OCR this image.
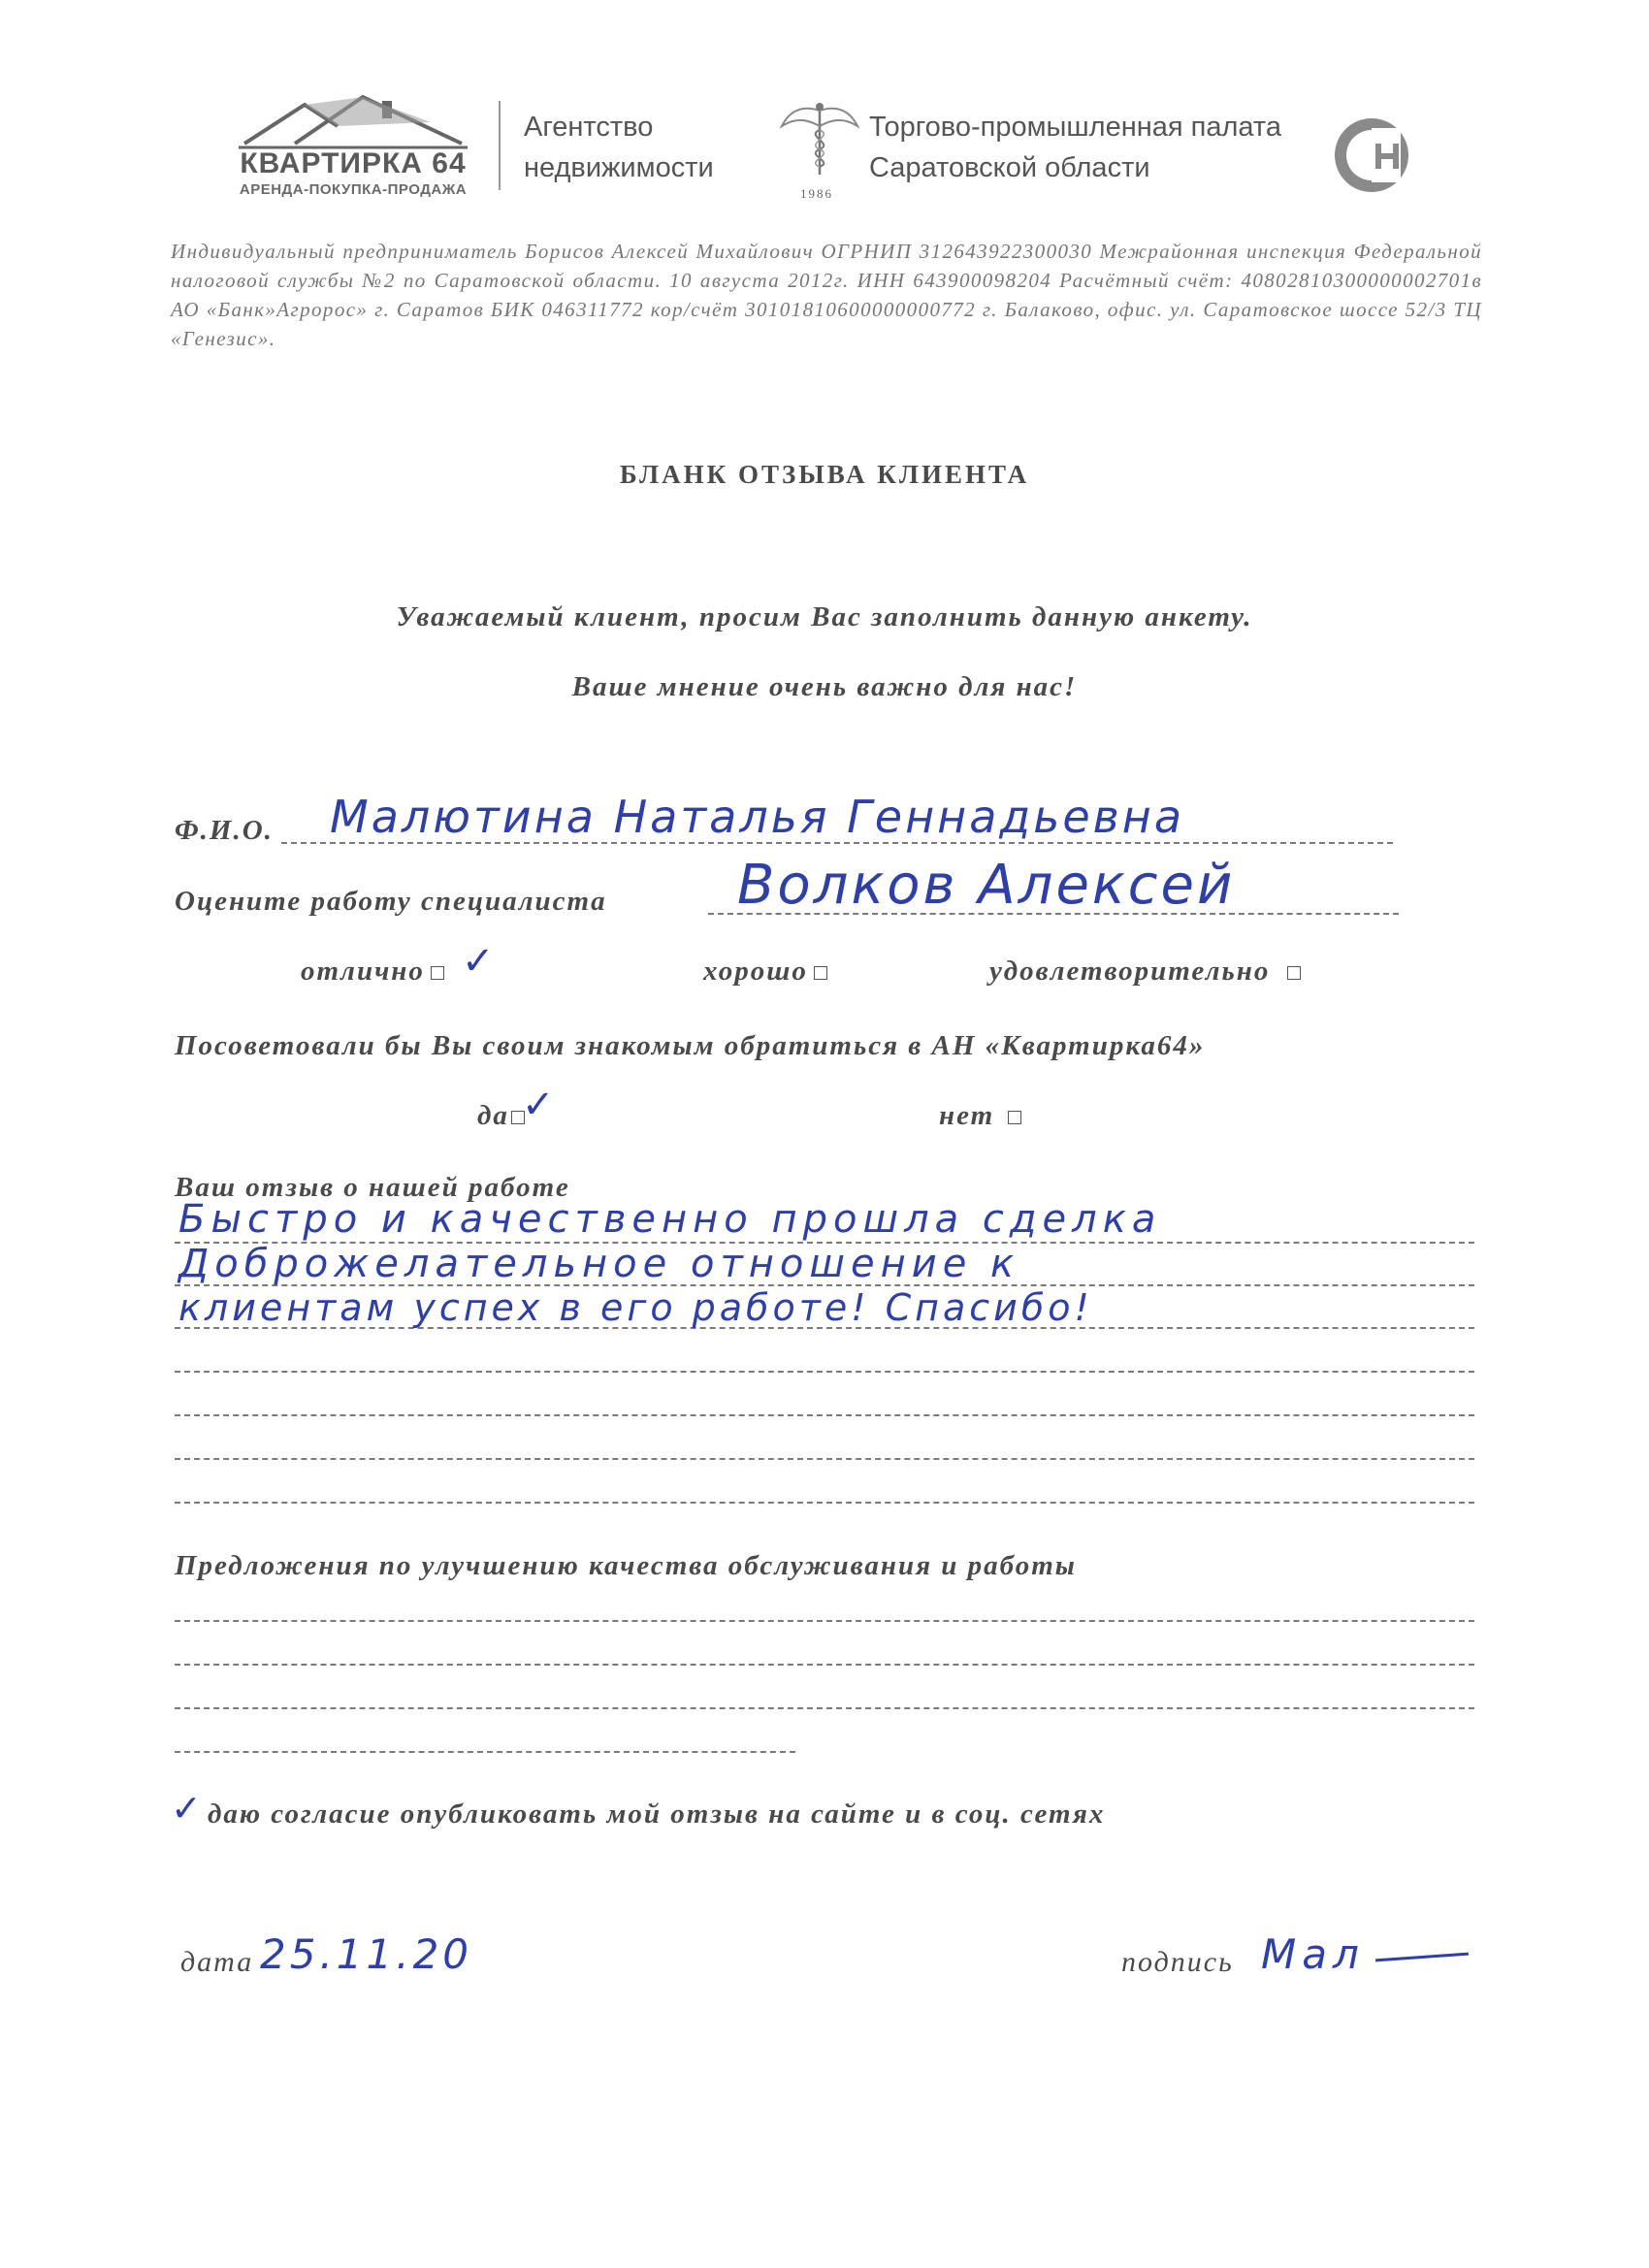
КВАРТИРКА 64
АРЕНДА-ПОКУПКА-ПРОДАЖА
Агентство
недвижимости
1986
Торгово-промышленная палата
Саратовской области
Индивидуальный предприниматель Борисов Алексей Михайлович ОГРНИП 312643922300030 Межрайонная инспекция Федеральной налоговой службы №2 по Саратовской области. 10 августа 2012г. ИНН 643900098204 Расчётный счёт: 40802810300000002701в АО «Банк»Агророс» г. Саратов БИК 046311772 кор/счёт 30101810600000000772 г. Балаково, офис. ул. Саратовское шоссе 52/3 ТЦ «Генезис».
БЛАНК ОТЗЫВА КЛИЕНТА
Уважаемый клиент, просим Вас заполнить данную анкету.
Ваше мнение очень важно для нас!
Ф.И.О. Малютина Наталья Геннадьевна
Оцените работу специалиста Волков Алексей
отлично ✓	хорошо	удовлетворительно
Посоветовали бы Вы своим знакомым обратиться в АН «Квартирка64»
да ✓	нет
Ваш отзыв о нашей работе
Быстро и качественно прошла сделка
Доброжелательное отношение к
клиентам успех в его работе! Спасибо!
Предложения по улучшению качества обслуживания и работы
✓ даю согласие опубликовать мой отзыв на сайте и в соц. сетях
дата 25.11.20	подпись Мал
